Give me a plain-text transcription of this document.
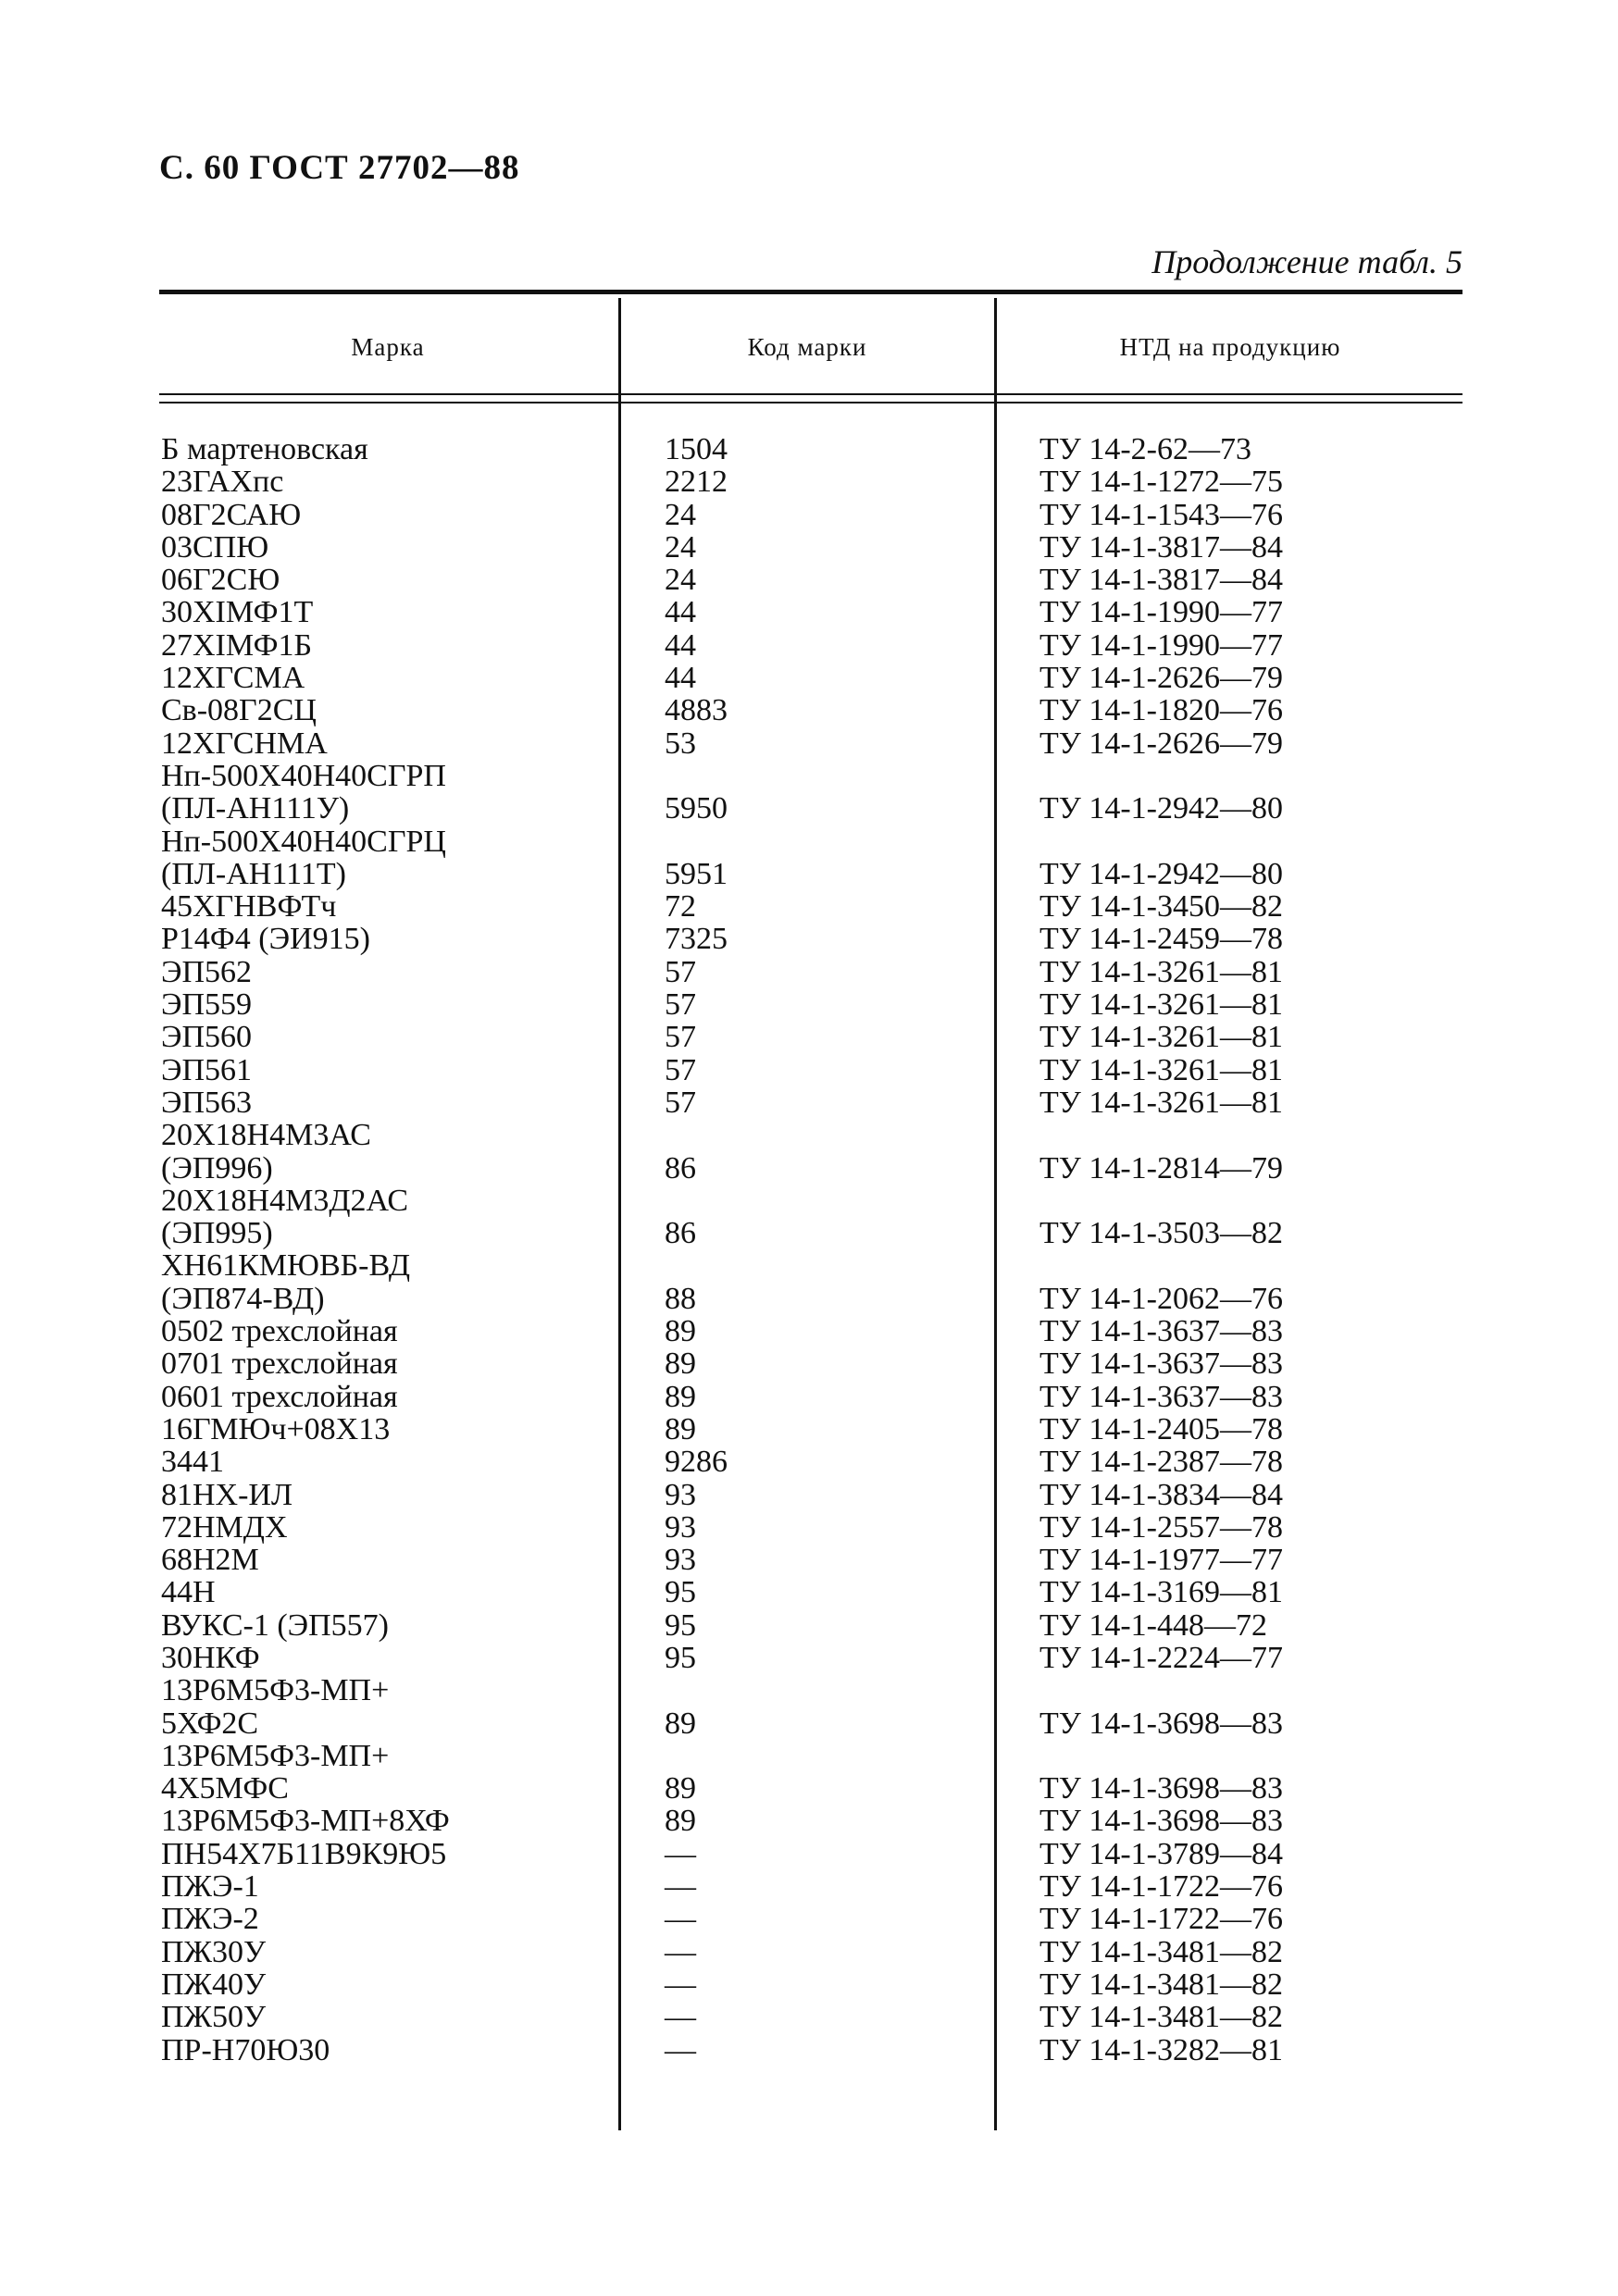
С. 60 ГОСТ 27702—88
Продолжение табл. 5
Марка	Код марки	НТД на продукцию
Б мартеновская	1504	ТУ 14-2-62—73
23ГАХпс	2212	ТУ 14-1-1272—75
08Г2САЮ	24	ТУ 14-1-1543—76
03СПЮ	24	ТУ 14-1-3817—84
06Г2СЮ	24	ТУ 14-1-3817—84
30ХIМФ1Т	44	ТУ 14-1-1990—77
27ХIМФ1Б	44	ТУ 14-1-1990—77
12ХГСМА	44	ТУ 14-1-2626—79
Св-08Г2СЦ	4883	ТУ 14-1-1820—76
12ХГСНМА	53	ТУ 14-1-2626—79
Нп-500Х40Н40СГРП
(ПЛ-АН111У)	5950	ТУ 14-1-2942—80
Нп-500Х40Н40СГРЦ
(ПЛ-АН111Т)	5951	ТУ 14-1-2942—80
45ХГНВФТч	72	ТУ 14-1-3450—82
Р14Ф4 (ЭИ915)	7325	ТУ 14-1-2459—78
ЭП562	57	ТУ 14-1-3261—81
ЭП559	57	ТУ 14-1-3261—81
ЭП560	57	ТУ 14-1-3261—81
ЭП561	57	ТУ 14-1-3261—81
ЭП563	57	ТУ 14-1-3261—81
20Х18Н4М3АС
(ЭП996)	86	ТУ 14-1-2814—79
20Х18Н4М3Д2АС
(ЭП995)	86	ТУ 14-1-3503—82
ХН61КМЮВБ-ВД
(ЭП874-ВД)	88	ТУ 14-1-2062—76
0502 трехслойная	89	ТУ 14-1-3637—83
0701 трехслойная	89	ТУ 14-1-3637—83
0601 трехслойная	89	ТУ 14-1-3637—83
16ГМЮч+08Х13	89	ТУ 14-1-2405—78
3441	9286	ТУ 14-1-2387—78
81НХ-ИЛ	93	ТУ 14-1-3834—84
72НМДХ	93	ТУ 14-1-2557—78
68Н2М	93	ТУ 14-1-1977—77
44Н	95	ТУ 14-1-3169—81
ВУКС-1 (ЭП557)	95	ТУ 14-1-448—72
30НКФ	95	ТУ 14-1-2224—77
13Р6М5Ф3-МП+
5ХФ2С	89	ТУ 14-1-3698—83
13Р6М5Ф3-МП+
4Х5МФС	89	ТУ 14-1-3698—83
13Р6М5Ф3-МП+8ХФ	89	ТУ 14-1-3698—83
ПН54Х7Б11В9К9Ю5	—	ТУ 14-1-3789—84
ПЖЭ-1	—	ТУ 14-1-1722—76
ПЖЭ-2	—	ТУ 14-1-1722—76
ПЖ30У	—	ТУ 14-1-3481—82
ПЖ40У	—	ТУ 14-1-3481—82
ПЖ50У	—	ТУ 14-1-3481—82
ПР-Н70Ю30	—	ТУ 14-1-3282—81
